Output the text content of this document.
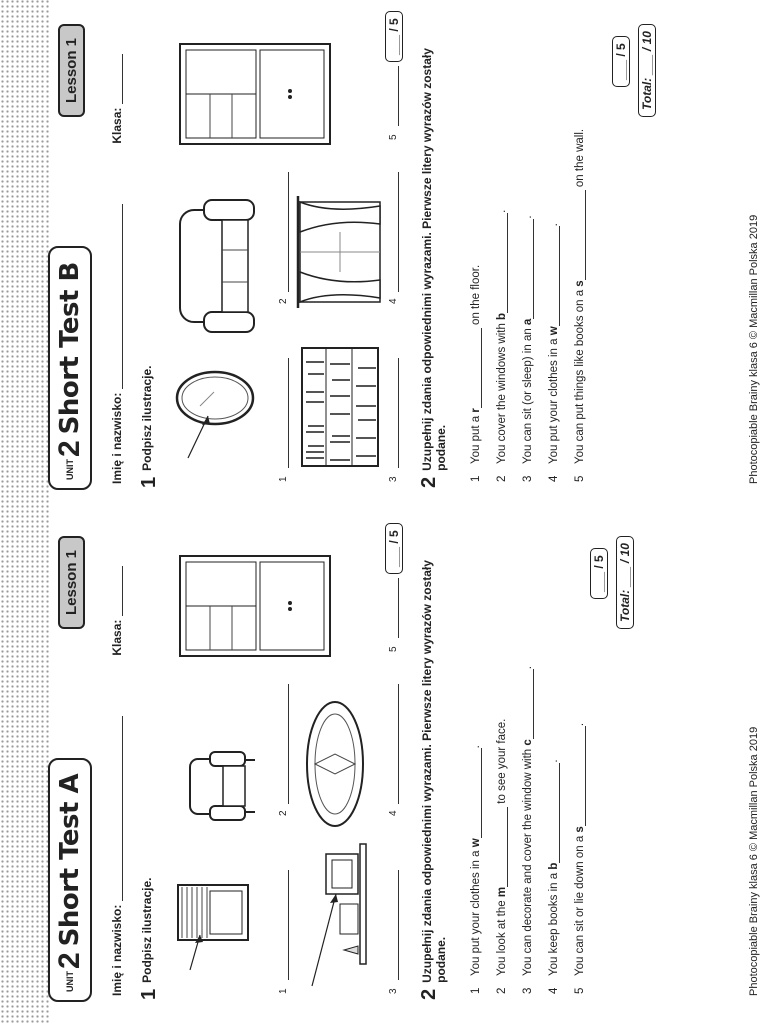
UNIT
2
Short Test A
Lesson 1
Imię i nazwisko:
Klasa:
1
Podpisz ilustracje.
1
2
3
4
5
___ / 5
2
Uzupełnij zdania odpowiednimi wyrazami. Pierwsze litery wyrazów zostały podane.
1You put your clothes in a w.
2You look at the m to see your face.
3You can decorate and cover the window with c.
4You keep books in a b.
5You can sit or lie down on a s.
___ / 5 Total: ___ / 10
Photocopiable Brainy klasa 6 © Macmillan Polska 2019
UNIT
2
Short Test B
Lesson 1
Imię i nazwisko:
Klasa:
1
Podpisz ilustracje.
1
2
3
4
5
___ / 5
2
Uzupełnij zdania odpowiednimi wyrazami. Pierwsze litery wyrazów zostały podane.
1You put a r on the floor.
2You cover the windows with b.
3You can sit (or sleep) in an a.
4You put your clothes in a w.
5You can put things like books on a s on the wall.
___ / 5 Total: ___ / 10
Photocopiable Brainy klasa 6 © Macmillan Polska 2019
